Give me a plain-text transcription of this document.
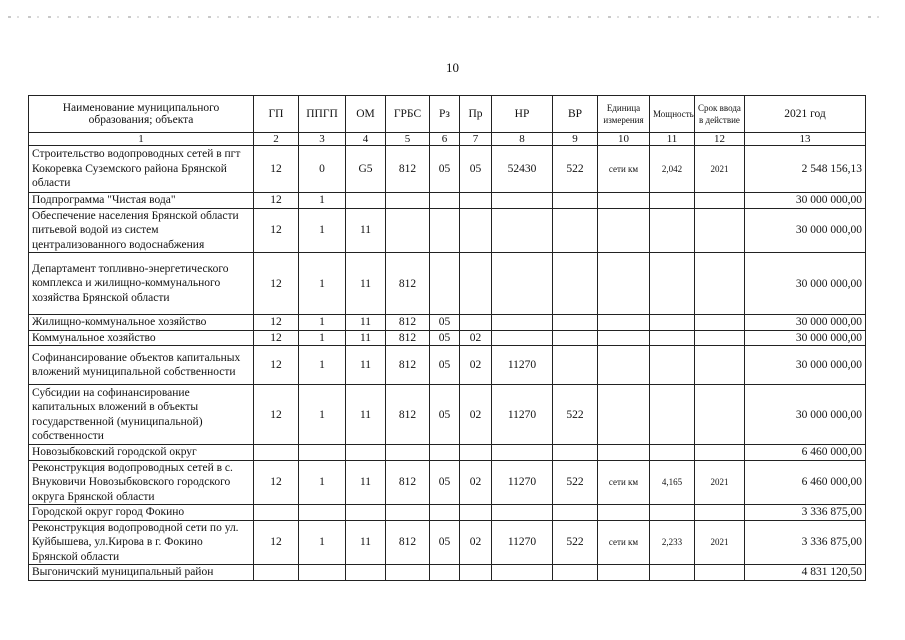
10
Наименование муниципального образования; объекта	ГП	ППГП	ОМ	ГРБС	Рз	Пр	НР	ВР	Единица измерения	Мощность	Срок ввода в действие	2021 год
1	2	3	4	5	6	7	8	9	10	11	12	13
Строительство водопроводных сетей в пгт Кокоревка Суземского района Брянской области	12	0	G5	812	05	05	52430	522	сети км	2,042	2021	2 548 156,13
Подпрограмма "Чистая вода"	12	1										30 000 000,00
Обеспечение населения Брянской области питьевой водой из систем централизованного водоснабжения	12	1	11									30 000 000,00
Департамент топливно-энергетического комплекса и жилищно-коммунального хозяйства Брянской области	12	1	11	812								30 000 000,00
Жилищно-коммунальное хозяйство	12	1	11	812	05							30 000 000,00
Коммунальное хозяйство	12	1	11	812	05	02						30 000 000,00
Софинансирование объектов капитальных вложений муниципальной собственности	12	1	11	812	05	02	11270					30 000 000,00
Субсидии на софинансирование капитальных вложений в объекты государственной (муниципальной) собственности	12	1	11	812	05	02	11270	522				30 000 000,00
Новозыбковский городской округ												6 460 000,00
Реконструкция водопроводных сетей в с. Внуковичи Новозыбковского городского округа Брянской области	12	1	11	812	05	02	11270	522	сети км	4,165	2021	6 460 000,00
Городской округ город Фокино												3 336 875,00
Реконструкция водопроводной сети по ул. Куйбышева, ул.Кирова в г. Фокино Брянской области	12	1	11	812	05	02	11270	522	сети км	2,233	2021	3 336 875,00
Выгоничский муниципальный район												4 831 120,50
